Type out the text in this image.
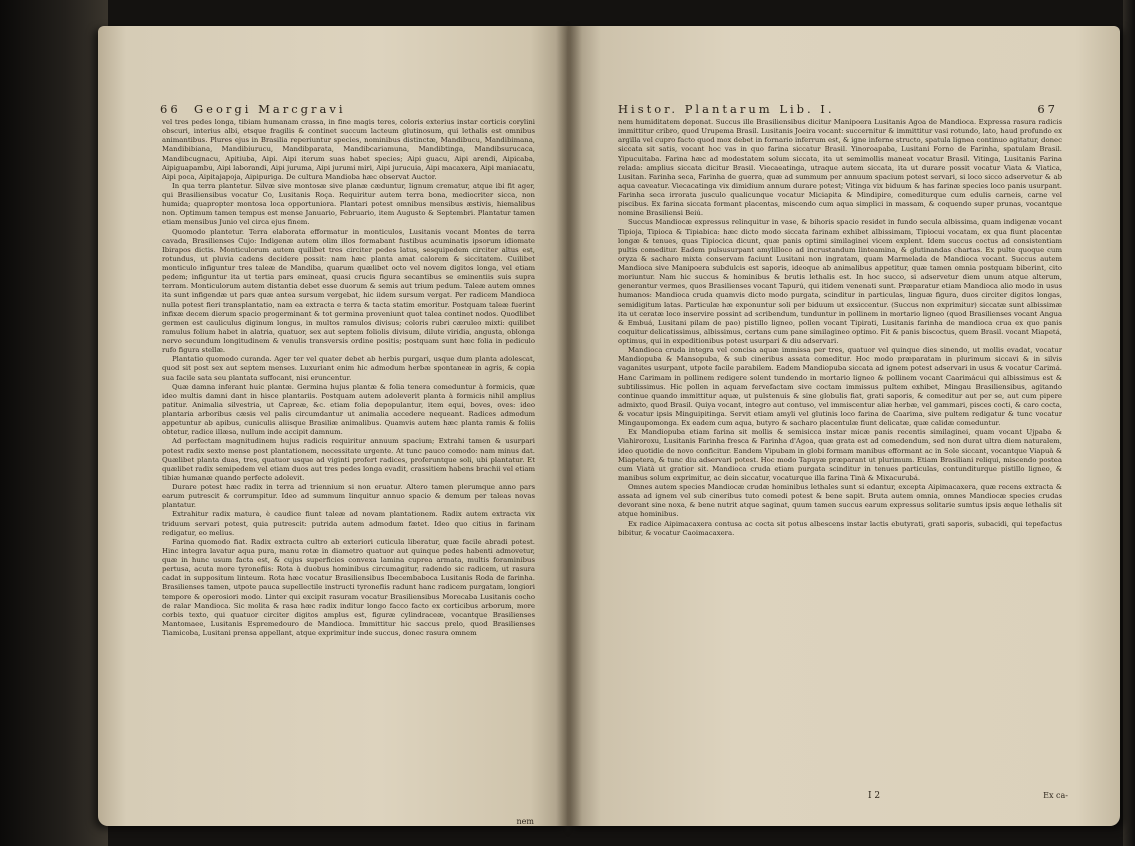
66 Georgi Marcgravi

vel tres pedes longa, tibiam humanam crassa, in fine magis teres, coloris exterius instar corticis corylini obscuri, interius albi, etsque fragilis & continet succum lacteum glutinosum, qui lethalis est omnibus animantibus. Plures ejus in Brasilia reperiuntur species, nominibus distinctæ, Mandibucu, Mandibimana, Mandibibiana, Mandibiurucu, Mandibparata, Mandibcariamuna, Mandibtinga, Mandibsurucaca, Mandibcugnacu, Apitiuba, Aipi. Aipi iterum suas habet species; Aipi guacu, Aipi arendi, Aipicaba, Aipiguapambu, Aipi laborandi, Aipi juruma, Aipi jurumi miri, Aipi jurucuia, Aipi macaxera, Aipi maniacatu, Aipi poca, Aipitajapoja, Aipipuriga. De cultura Mandioba hæc observat Auctor.

In qua terra plantetur. Silvæ sive montosæ sive planæ cæduntur, lignum crematur, atque ibi fit ager, qui Brasiliensibus vocatur Co, Lusitanis Roça. Requiritur autem terra bona, mediocriter sicca, non humida; quapropter montosa loca opportuniora. Plantari potest omnibus mensibus æstivis, hiemalibus non. Optimum tamen tempus est mense Januario, Februario, item Augusto & Septembri. Plantatur tamen etiam mensibus Junio vel circa ejus finem.

Quomodo plantetur. Terra elaborata efformatur in monticulos, Lusitanis vocant Montes de terra cavada, Brasilienses Cujo: Indigenæ autem olim illos formabant fustibus acuminatis ipsorum idiomate Ibirapos dictis. Monticulorum autem quilibet tres circiter pedes latus, sesquipedem circiter altus est, rotundus, ut pluvia cadens decidere possit: nam hæc planta amat calorem & siccitatem. Cuilibet monticulo infiguntur tres taleæ de Mandiba, quarum quælibet octo vel novem digitos longa, vel etiam pedem; infiguntur ita ut tertia pars emineat, quasi crucis figura secantibus se eminentiis suis supra terram. Monticulorum autem distantia debet esse duorum & semis aut trium pedum. Taleæ autem omnes ita sunt infigendæ ut pars quæ antea sursum vergebat, hic iidem sursum vergat. Per radicem Mandioca nulla potest fieri transplantatio, nam ea extracta e terra & tacta statim emoritur. Postquam taleæ fuerint infixæ decem dierum spacio progerminant & tot germina proveniunt quot talea continet nodos. Quodlibet germen est cauliculus diginum longus, in multos ramulos divisus; coloris rubri cæruleo mixti: quilibet ramulus folium habet in alatria, quatuor, sex aut septem foliolis divisum, dilute viridia, angusta, oblonga nervo secundum longitudinem & venulis transversis ordine positis; postquam sunt hæc folia in pediculo rufo figura stellæ.

Plantatio quomodo curanda. Ager ter vel quater debet ab herbis purgari, usque dum planta adolescat, quod sit post sex aut septem menses. Luxuriant enim hic admodum herbæ spontaneæ in agris, & copia sua facile sata seu plantata suffocant, nisi eruncentur.

Quæ damna inferant huic plantæ. Germina hujus plantæ & folia tenera comeduntur à formicis, quæ ideo multis damni dant in hisce plantariis. Postquam autem adoleverit planta à formicis nihil amplius patitur. Animalia silvestria, ut Capreæ, &c. etiam folia depopulantur, item equi, boves, oves: ideo plantaria arboribus cæsis vel palis circumdantur ut animalia accedere nequeant. Radices admodum appetuntur ab apibus, cuniculis aliisque Brasiliæ animalibus. Quamvis autem hæc planta ramis & foliis obtetur, radice illæsa, nullum inde accipit damnum.

Ad perfectam magnitudinem hujus radicis requiritur annuum spacium; Extrahi tamen & usurpari potest radix sexto mense post plantationem, necessitate urgente. At tunc pauco comodo: nam minus dat. Quælibet planta duas, tres, quatuor usque ad viginti profert radices, proferuntque soli, ubi plantatur. Et quælibet radix semipedem vel etiam duos aut tres pedes longa evadit, crassitiem habens brachii vel etiam tibiæ humanæ quando perfecte adolevit.

Durare potest hæc radix in terra ad triennium si non eruatur. Altero tamen plerumque anno pars earum putrescit & corrumpitur. Ideo ad summum linquitur annuo spacio & demum per taleas novas plantatur.

Extrahitur radix matura, è caudice fiunt taleæ ad novam plantationem. Radix autem extracta vix triduum servari potest, quia putrescit: putrida autem admodum fætet. Ideo quo citius in farinam redigatur, eo melius.

Farina quomodo fiat. Radix extracta cultro ab exteriori cuticula liberatur, quæ facile abradi potest. Hinc integra lavatur aqua pura, manu rotæ in diametro quatuor aut quinque pedes habenti admovetur, quæ in hunc usum facta est, & cujus superficies convexa lamina cuprea armata, multis foraminibus pertusa, acuta more tyronefiis: Rota à duobus hominibus circumagitur, radendo sic radicem, ut rasura cadat in suppositum linteum. Rota hæc vocatur Brasiliensibus Ibecembaboca Lusitanis Roda de farinha. Brasilienses tamen, utpote pauca supellectile instructi tyronefiis radunt hanc radicem purgatam, longiori tempore & operosiori modo. Linter qui excipit rasuram vocatur Brasiliensibus Morecaba Lusitanis cocho de ralar Mandioca. Sic molita & rasa hæc radix inditur longo facco facto ex corticibus arborum, more corbis texto, qui quatuor circiter digitos amplus est, figuræ cylindraceæ, vocantque Brasilienses Mantomaee, Lusitanis Espremedouro de Mandioca. Immittitur hic saccus prelo, quod Brasilienses Tiamicoba, Lusitani prensa appellant, atque exprimitur inde succus, donec rasura omnem

nem
Histor. Plantarum Lib. I.	67

nem humiditatem deponat. Succus ille Brasiliensibus dicitur Manipoera Lusitanis Agoa de Mandioca. Expressa rasura radicis immittitur cribro, quod Urupema Brasil. Lusitanis Joeira vocant: succernitur & immittitur vasi rotundo, lato, haud profundo ex argilla vel cupro facto quod mox debet in fornario inferrum est, & igne inferne structo, spatula lignea continuo agitatur, donec siccata sit satis, vocant hoc vas in quo farina siccatur Brasil. Yinoroapaba, Lusitani Forno de Farinha, spatulam Brasil. Yipucuitaba. Farina hæc ad modestatem solum siccata, ita ut semimollis maneat vocatur Brasil. Vitinga, Lusitanis Farina relada: amplius siccata dicitur Brasil. Viecaeatinga, utraque autem siccata, ita ut durare possit vocatur Viata & Viatica, Lusitan. Farinha seca, Farinha de guerra, quæ ad summum per annuum spacium potest servari, si loco sicco adservetur & ab aqua caveatur. Viecacatinga vix dimidium annum durare potest; Vitinga vix biduum & has farinæ species loco panis usurpant. Farinha seca irrorata jusculo qualicunque vocatur Miciapita & Mindipire, comediturque cum edulis carneis, carne vel piscibus. Ex farina siccata formant placentas, miscendo cum aqua simplici in massam, & coquendo super prunas, vocantque nomine Brasiliensi Beiú.

Succus Mandiocæ expressus relinquitur in vase, & bihoris spacio residet in fundo secula albissima, quam indigenæ vocant Tipioja, Tipioca & Tipiabica: hæc dicto modo siccata farinam exhibet albissimam, Tipiocui vocatam, ex qua fiunt placentæ longæ & tenues, quas Tipiocica dicunt, quæ panis optimi similaginei vicem explent. Idem succus coctus ad consistentiam pultis comeditur. Eadem pulsusurpant amylilloco ad incrustandum linteamina, & glutinandas chartas. Ex pulte quoque cum oryza & sacharo mixta conservam faciunt Lusitani non ingratam, quam Marmelada de Mandioca vocant. Succus autem Mandioca sive Manipoera subdulcis est saporis, ideoque ab animalibus appetitur, quæ tamen omnia postquam biberint, cito moriuntur. Nam hic succus & hominibus & brutis lethalis est. In hoc succo, si adservetur diem unum atque alterum, generantur vermes, quos Brasilienses vocant Tapurú, qui itidem venenati sunt. Præparatur etiam Mandioca alio modo in usus humanos: Mandioca cruda quamvis dicto modo purgata, scinditur in particulas, linguæ figura, duos circiter digitos longas, semidigitum latas. Particulæ hæ exponuntur soli per biduum ut exsiccentur. (Succus non exprimitur) siccatæ sunt albissimæ ita ut ceratæ loco inservire possint ad scribendum, tunduntur in pollinem in mortario ligneo (quod Brasilienses vocant Angua & Embuá, Lusitani pilam de pao) pistillo ligneo, pollen vocant Tipirati, Lusitanis farinha de mandioca crua ex quo panis coquitur delicatissimus, albissimus, certans cum pane similagineo optimo. Fit & panis biscoctus, quem Brasil. vocant Miapetá, optimus, qui in expeditionibus potest usurpari & diu adservari.

Mandioca cruda integra vel concisa aquæ immissa per tres, quatuor vel quinque dies sinendo, ut mollis evadat, vocatur Mandiopuba & Mansopuba, & sub cineribus assata comeditur. Hoc modo præparatam in plurimum siccavi & in silvis vaganites usurpant, utpote facile parabilem. Eadem Mandiopuba siccata ad ignem potest adservari in usus & vocatur Carimá. Hanc Carimam in pollinem redigere solent tundendo in mortario ligneo & pollinem vocant Caarimácui qui albissimus est & subtilissimus. Hic pollen in aquam fervefactam sive coctam immissus pultem exhibet, Mingau Brasiliensibus, agitando continue quando immittitur aquæ, ut pulstenuis & sine globulis fiat, grati saporis, & comeditur aut per se, aut cum pipere admixto, quod Brasil. Quiya vocant, integro aut contuso, vel immiscentur aliæ herbæ, vel gammari, pisces cocti, & caro cocta, & vocatur ipsis Minguipitinga. Servit etiam amyli vel glutinis loco farina de Caarima, sive pultem redigatur & tunc vocatur Mingaupomonga. Ex eadem cum aqua, butyro & sacharo placentulæ fiunt delicatæ, quæ calidæ comeduntur.

Ex Mandiopuba etiam farina sit mollis & semisicca instar micæ panis recentis similaginei, quam vocant Ujpaba & Viahiroroxu, Lusitanis Farinha fresca & Farinha d'Agoa, quæ grata est ad comedendum, sed non durat ultra diem naturalem, ideo quotidie de novo conficitur. Eandem Vipubam in globi formam manibus efformant ac in Sole siccant, vocantque Viapuà & Miapetera, & tunc diu adservari potest. Hoc modo Tapuyæ præparant ut plurimum. Etiam Brasiliani reliqui, miscendo postea cum Viatà ut gratior sit. Mandioca cruda etiam purgata scinditur in tenues particulas, contunditurque pistillo ligneo, & manibus solum exprimitur, ac dein siccatur, vocaturque illa farina Tinà & Mixacurubá.

Omnes autem species Mandiocæ crudæ hominibus lethales sunt si edantur, excepta Aipimacaxera, quæ recens extracta & assata ad ignem vel sub cineribus tuto comedi potest & bene sapit. Bruta autem omnia, omnes Mandiocæ species crudas devorant sine noxa, & bene nutrit atque saginat, quum tamen succus earum expressus solitarie sumtus ipsis æque lethalis sit atque hominibus.

Ex radice Aipimacaxera contusa ac cocta sit potus albescens instar lactis ebutyrati, grati saporis, subacidi, qui tepefactus bibitur, & vocatur Caoimacaxera.

I 2	Ex ca-
